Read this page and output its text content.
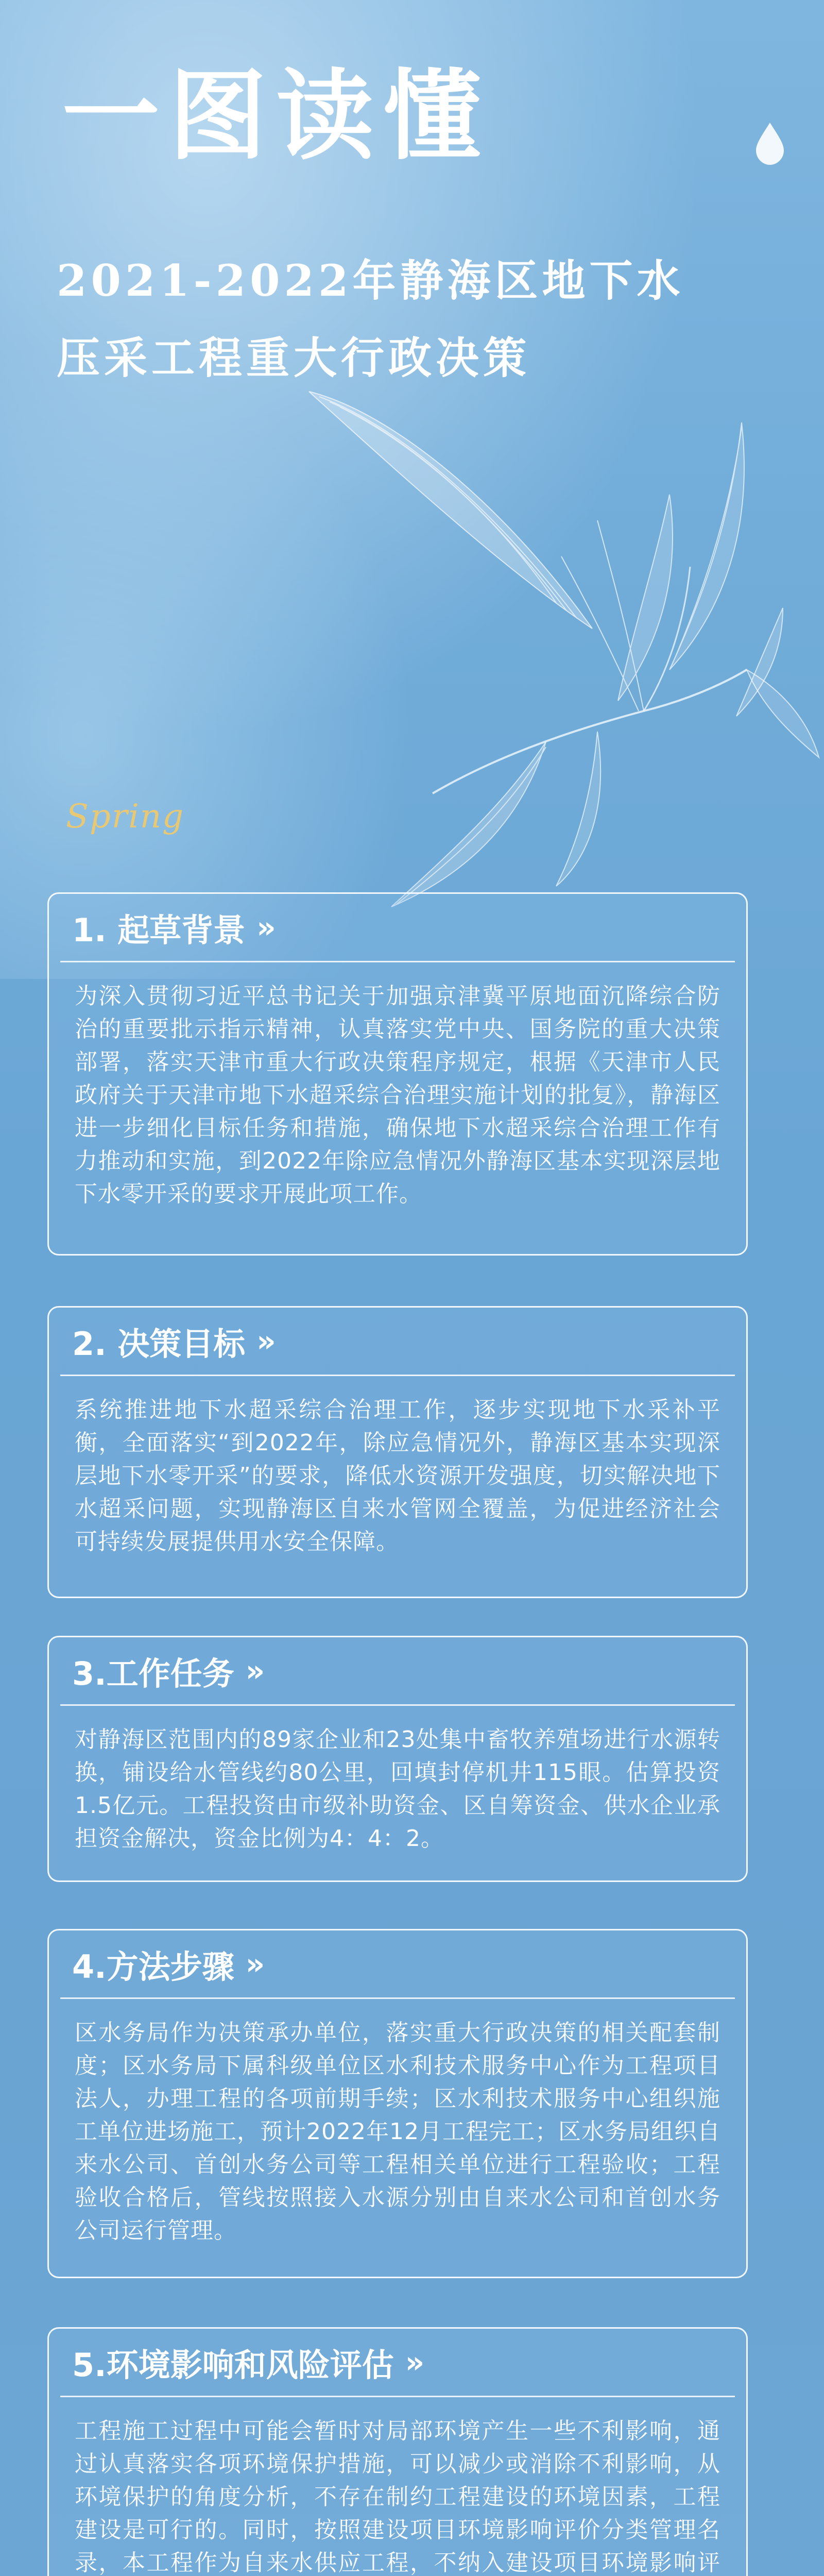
一图读懂
2021-2022年静海区地下水
压采工程重大行政决策
Spring
1. 起草背景 »

为深入贯彻习近平总书记关于加强京津冀平原地面沉降综合防治的重要批示指示精神，认真落实党中央、国务院的重大决策部署，落实天津市重大行政决策程序规定，根据《天津市人民政府关于天津市地下水超采综合治理实施计划的批复》，静海区进一步细化目标任务和措施，确保地下水超采综合治理工作有力推动和实施，到2022年除应急情况外静海区基本实现深层地下水零开采的要求开展此项工作。

2. 决策目标 »

系统推进地下水超采综合治理工作，逐步实现地下水采补平衡，全面落实“到2022年，除应急情况外，静海区基本实现深层地下水零开采”的要求，降低水资源开发强度，切实解决地下水超采问题，实现静海区自来水管网全覆盖，为促进经济社会可持续发展提供用水安全保障。

3.工作任务 »

对静海区范围内的89家企业和23处集中畜牧养殖场进行水源转换，铺设给水管线约80公里，回填封停机井115眼。估算投资1.5亿元。工程投资由市级补助资金、区自筹资金、供水企业承担资金解决，资金比例为4：4：2。

4.方法步骤 »

区水务局作为决策承办单位，落实重大行政决策的相关配套制度；区水务局下属科级单位区水利技术服务中心作为工程项目法人，办理工程的各项前期手续；区水利技术服务中心组织施工单位进场施工，预计2022年12月工程完工；区水务局组织自来水公司、首创水务公司等工程相关单位进行工程验收；工程验收合格后，管线按照接入水源分别由自来水公司和首创水务公司运行管理。

5.环境影响和风险评估 »

工程施工过程中可能会暂时对局部环境产生一些不利影响，通过认真落实各项环境保护措施，可以减少或消除不利影响，从环境保护的角度分析，不存在制约工程建设的环境因素，工程建设是可行的。同时，按照建设项目环境影响评价分类管理名录，本工程作为自来水供应工程，不纳入建设项目环境影响评
